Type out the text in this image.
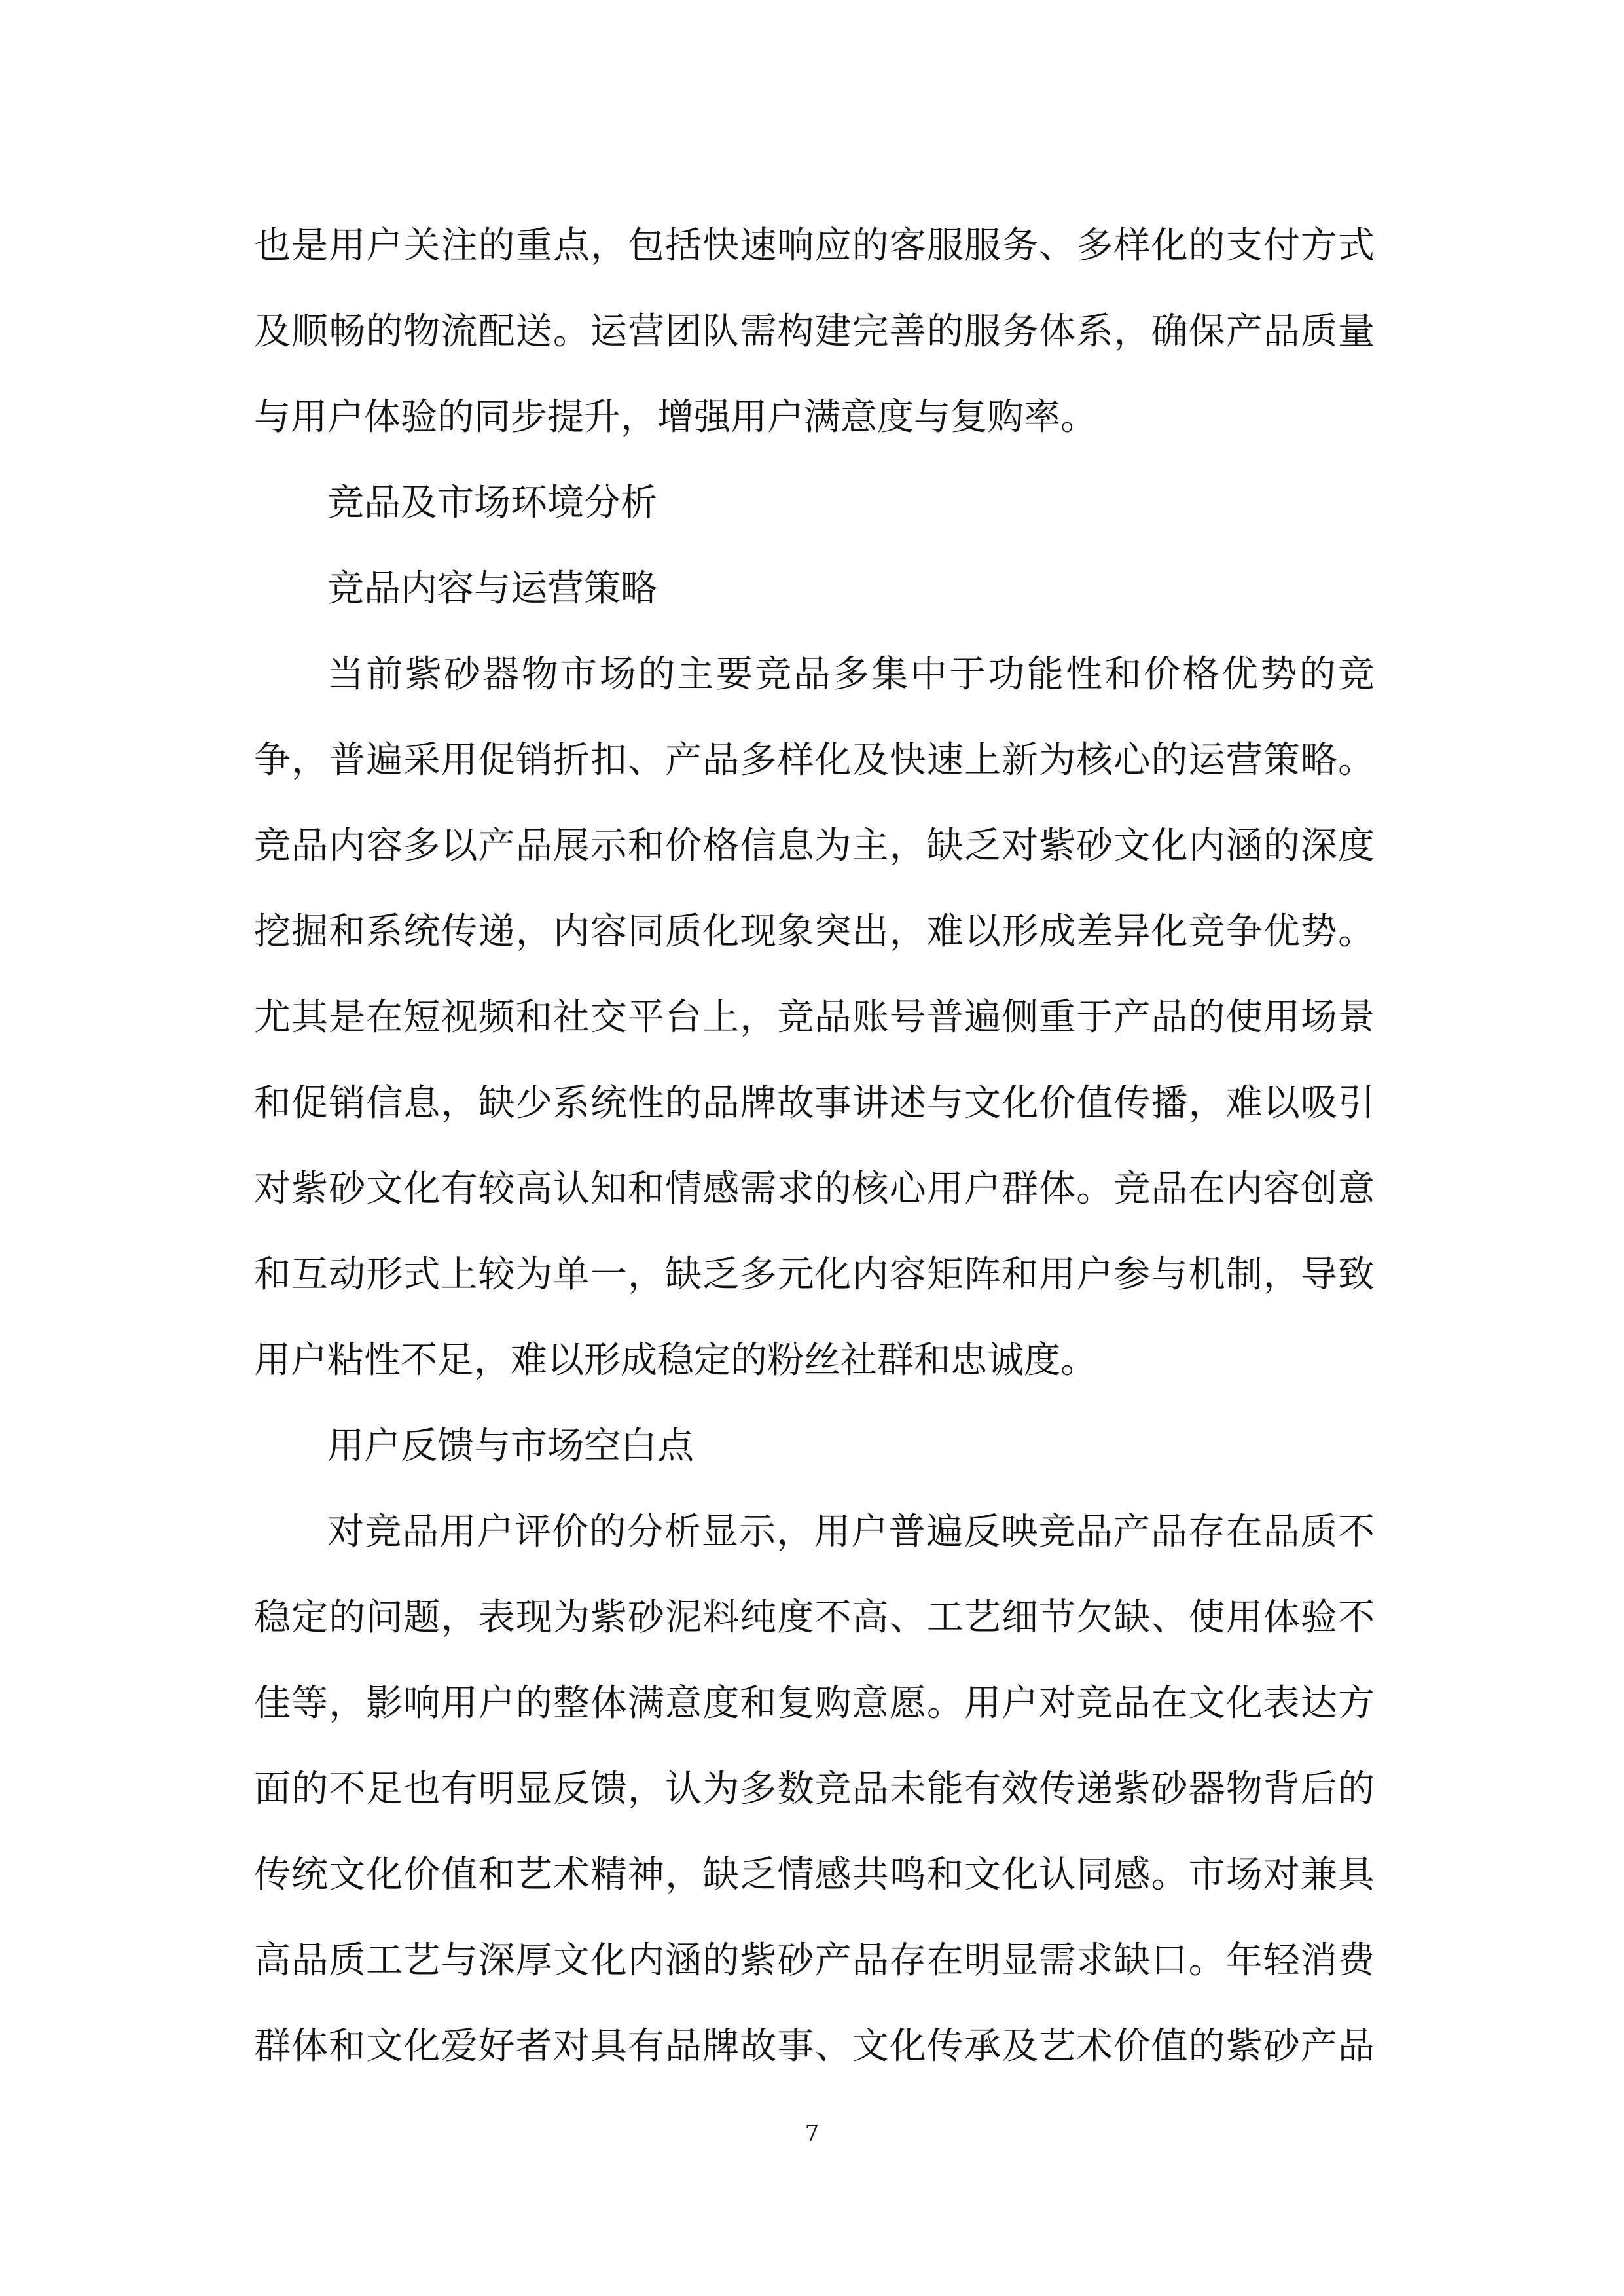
也是用户关注的重点，包括快速响应的客服服务、多样化的支付方式
及顺畅的物流配送。运营团队需构建完善的服务体系，确保产品质量
与用户体验的同步提升，增强用户满意度与复购率。
竞品及市场环境分析
竞品内容与运营策略
当前紫砂器物市场的主要竞品多集中于功能性和价格优势的竞
争，普遍采用促销折扣、产品多样化及快速上新为核心的运营策略。
竞品内容多以产品展示和价格信息为主，缺乏对紫砂文化内涵的深度
挖掘和系统传递，内容同质化现象突出，难以形成差异化竞争优势。
尤其是在短视频和社交平台上，竞品账号普遍侧重于产品的使用场景
和促销信息，缺少系统性的品牌故事讲述与文化价值传播，难以吸引
对紫砂文化有较高认知和情感需求的核心用户群体。竞品在内容创意
和互动形式上较为单一，缺乏多元化内容矩阵和用户参与机制，导致
用户粘性不足，难以形成稳定的粉丝社群和忠诚度。
用户反馈与市场空白点
对竞品用户评价的分析显示，用户普遍反映竞品产品存在品质不
稳定的问题，表现为紫砂泥料纯度不高、工艺细节欠缺、使用体验不
佳等，影响用户的整体满意度和复购意愿。用户对竞品在文化表达方
面的不足也有明显反馈，认为多数竞品未能有效传递紫砂器物背后的
传统文化价值和艺术精神，缺乏情感共鸣和文化认同感。市场对兼具
高品质工艺与深厚文化内涵的紫砂产品存在明显需求缺口。年轻消费
群体和文化爱好者对具有品牌故事、文化传承及艺术价值的紫砂产品
7
